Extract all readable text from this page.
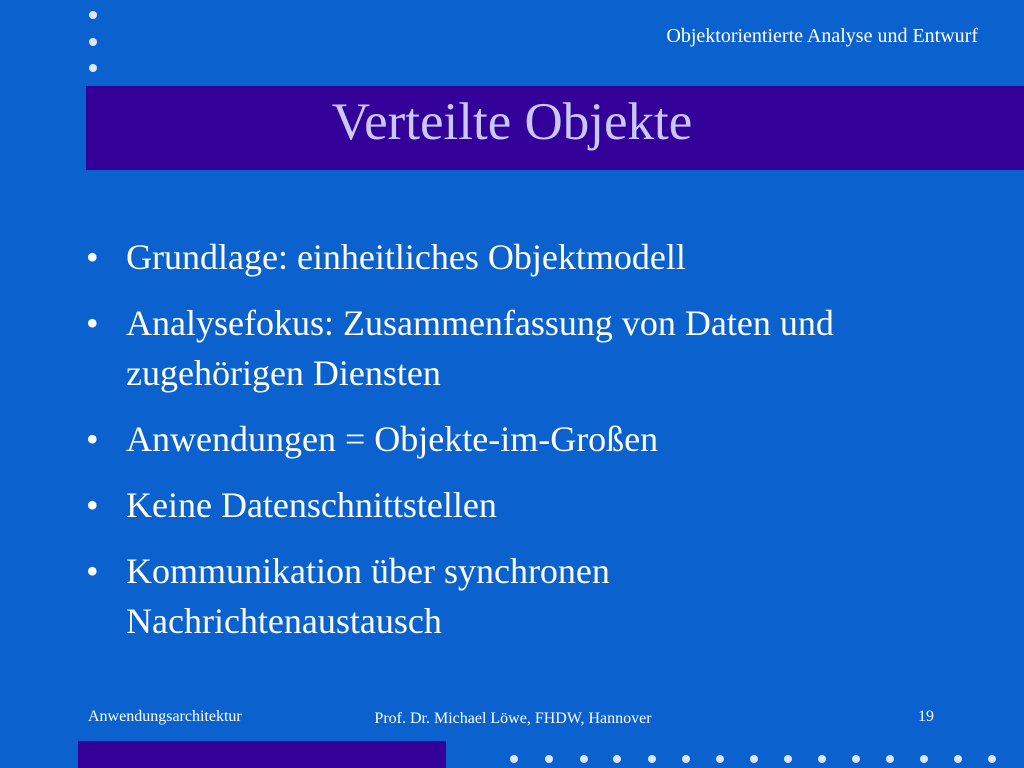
Objektorientierte Analyse und Entwurf
Verteilte Objekte
• Grundlage: einheitliches Objektmodell
• Analysefokus: Zusammenfassung von Daten und zugehörigen Diensten
• Anwendungen = Objekte-im-Großen
• Keine Datenschnittstellen
• Kommunikation über synchronen Nachrichtenaustausch
Anwendungsarchitektur	Prof. Dr. Michael Löwe, FHDW, Hannover	19
